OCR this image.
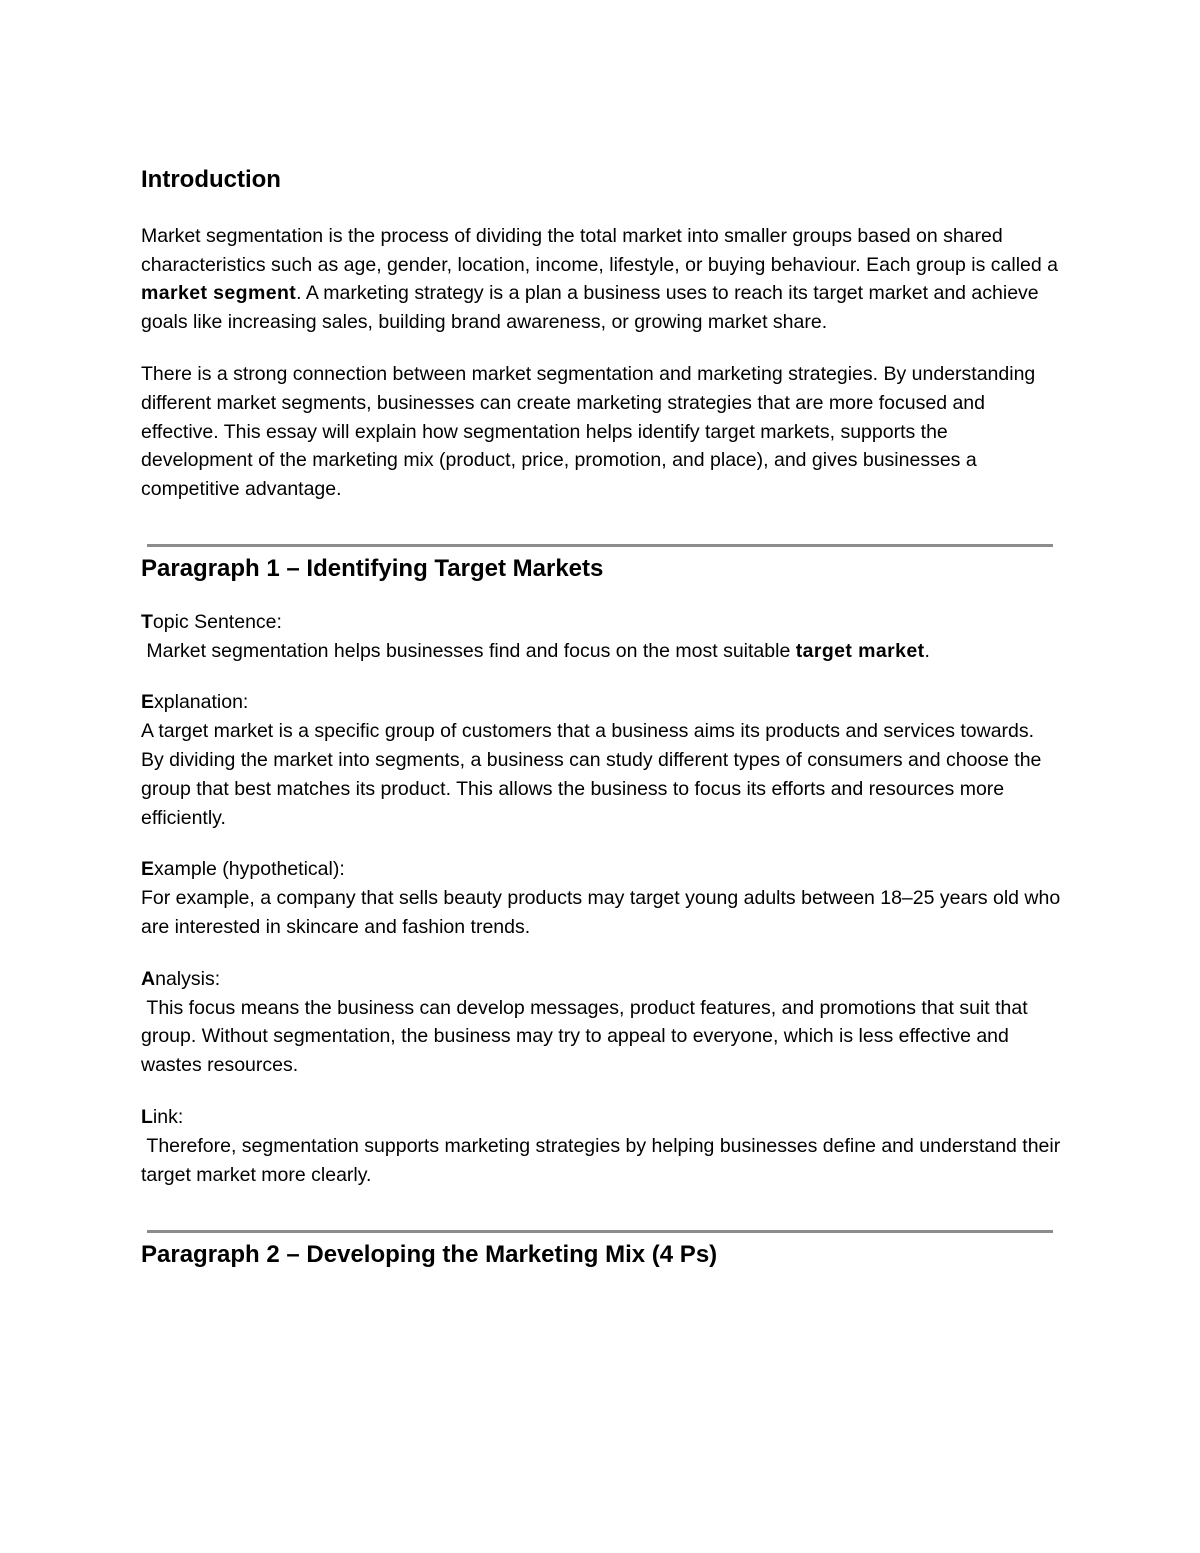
Introduction

Market segmentation is the process of dividing the total market into smaller groups based on shared characteristics such as age, gender, location, income, lifestyle, or buying behaviour. Each group is called a market segment. A marketing strategy is a plan a business uses to reach its target market and achieve goals like increasing sales, building brand awareness, or growing market share.

There is a strong connection between market segmentation and marketing strategies. By understanding different market segments, businesses can create marketing strategies that are more focused and effective. This essay will explain how segmentation helps identify target markets, supports the development of the marketing mix (product, price, promotion, and place), and gives businesses a competitive advantage.

Paragraph 1 – Identifying Target Markets

Topic Sentence:
Market segmentation helps businesses find and focus on the most suitable target market.

Explanation:
A target market is a specific group of customers that a business aims its products and services towards. By dividing the market into segments, a business can study different types of consumers and choose the group that best matches its product. This allows the business to focus its efforts and resources more efficiently.

Example (hypothetical):
For example, a company that sells beauty products may target young adults between 18–25 years old who are interested in skincare and fashion trends.

Analysis:
This focus means the business can develop messages, product features, and promotions that suit that group. Without segmentation, the business may try to appeal to everyone, which is less effective and wastes resources.

Link:
Therefore, segmentation supports marketing strategies by helping businesses define and understand their target market more clearly.

Paragraph 2 – Developing the Marketing Mix (4 Ps)
